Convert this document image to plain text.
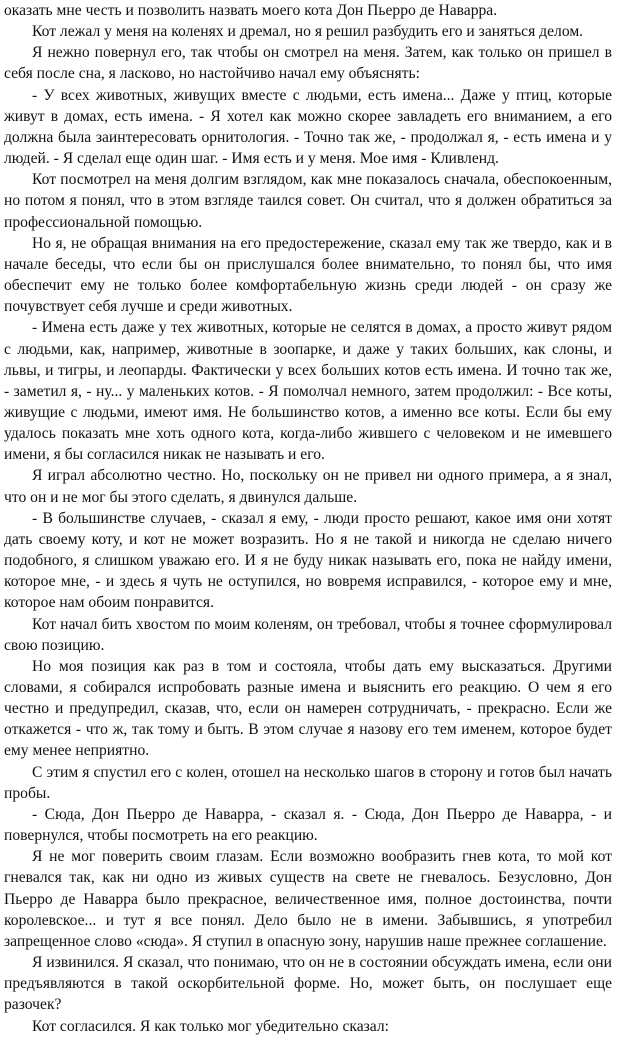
оказать мне честь и позволить назвать моего кота Дон Пьерро де Наварра.

Кот лежал у меня на коленях и дремал, но я решил разбудить его и заняться делом.

Я нежно повернул его, так чтобы он смотрел на меня. Затем, как только он пришел в себя после сна, я ласково, но настойчиво начал ему объяснять:

- У всех животных, живущих вместе с людьми, есть имена... Даже у птиц, которые живут в домах, есть имена. - Я хотел как можно скорее завладеть его вниманием, а его должна была заинтересовать орнитология. - Точно так же, - продолжал я, - есть имена и у людей. - Я сделал еще один шаг. - Имя есть и у меня. Мое имя - Кливленд.

Кот посмотрел на меня долгим взглядом, как мне показалось сначала, обеспокоенным, но потом я понял, что в этом взгляде таился совет. Он считал, что я должен обратиться за профессиональной помощью.

Но я, не обращая внимания на его предостережение, сказал ему так же твердо, как и в начале беседы, что если бы он прислушался более внимательно, то понял бы, что имя обеспечит ему не только более комфортабельную жизнь среди людей - он сразу же почувствует себя лучше и среди животных.

- Имена есть даже у тех животных, которые не селятся в домах, а просто живут рядом с людьми, как, например, животные в зоопарке, и даже у таких больших, как слоны, и львы, и тигры, и леопарды. Фактически у всех больших котов есть имена. И точно так же, - заметил я, - ну... у маленьких котов. - Я помолчал немного, затем продолжил: - Все коты, живущие с людьми, имеют имя. Не большинство котов, а именно все коты. Если бы ему удалось показать мне хоть одного кота, когда-либо жившего с человеком и не имевшего имени, я бы согласился никак не называть и его.

Я играл абсолютно честно. Но, поскольку он не привел ни одного примера, а я знал, что он и не мог бы этого сделать, я двинулся дальше.

- В большинстве случаев, - сказал я ему, - люди просто решают, какое имя они хотят дать своему коту, и кот не может возразить. Но я не такой и никогда не сделаю ничего подобного, я слишком уважаю его. И я не буду никак называть его, пока не найду имени, которое мне, - и здесь я чуть не оступился, но вовремя исправился, - которое ему и мне, которое нам обоим понравится.

Кот начал бить хвостом по моим коленям, он требовал, чтобы я точнее сформулировал свою позицию.

Но моя позиция как раз в том и состояла, чтобы дать ему высказаться. Другими словами, я собирался испробовать разные имена и выяснить его реакцию. О чем я его честно и предупредил, сказав, что, если он намерен сотрудничать, - прекрасно. Если же откажется - что ж, так тому и быть. В этом случае я назову его тем именем, которое будет ему менее неприятно.

С этим я спустил его с колен, отошел на несколько шагов в сторону и готов был начать пробы.

- Сюда, Дон Пьерро де Наварра, - сказал я. - Сюда, Дон Пьерро де Наварра, - и повернулся, чтобы посмотреть на его реакцию.

Я не мог поверить своим глазам. Если возможно вообразить гнев кота, то мой кот гневался так, как ни одно из живых существ на свете не гневалось. Безусловно, Дон Пьерро де Наварра было прекрасное, величественное имя, полное достоинства, почти королевское... и тут я все понял. Дело было не в имени. Забывшись, я употребил запрещенное слово «сюда». Я ступил в опасную зону, нарушив наше прежнее соглашение.

Я извинился. Я сказал, что понимаю, что он не в состоянии обсуждать имена, если они предъявляются в такой оскорбительной форме. Но, может быть, он послушает еще разочек?

Кот согласился. Я как только мог убедительно сказал:
